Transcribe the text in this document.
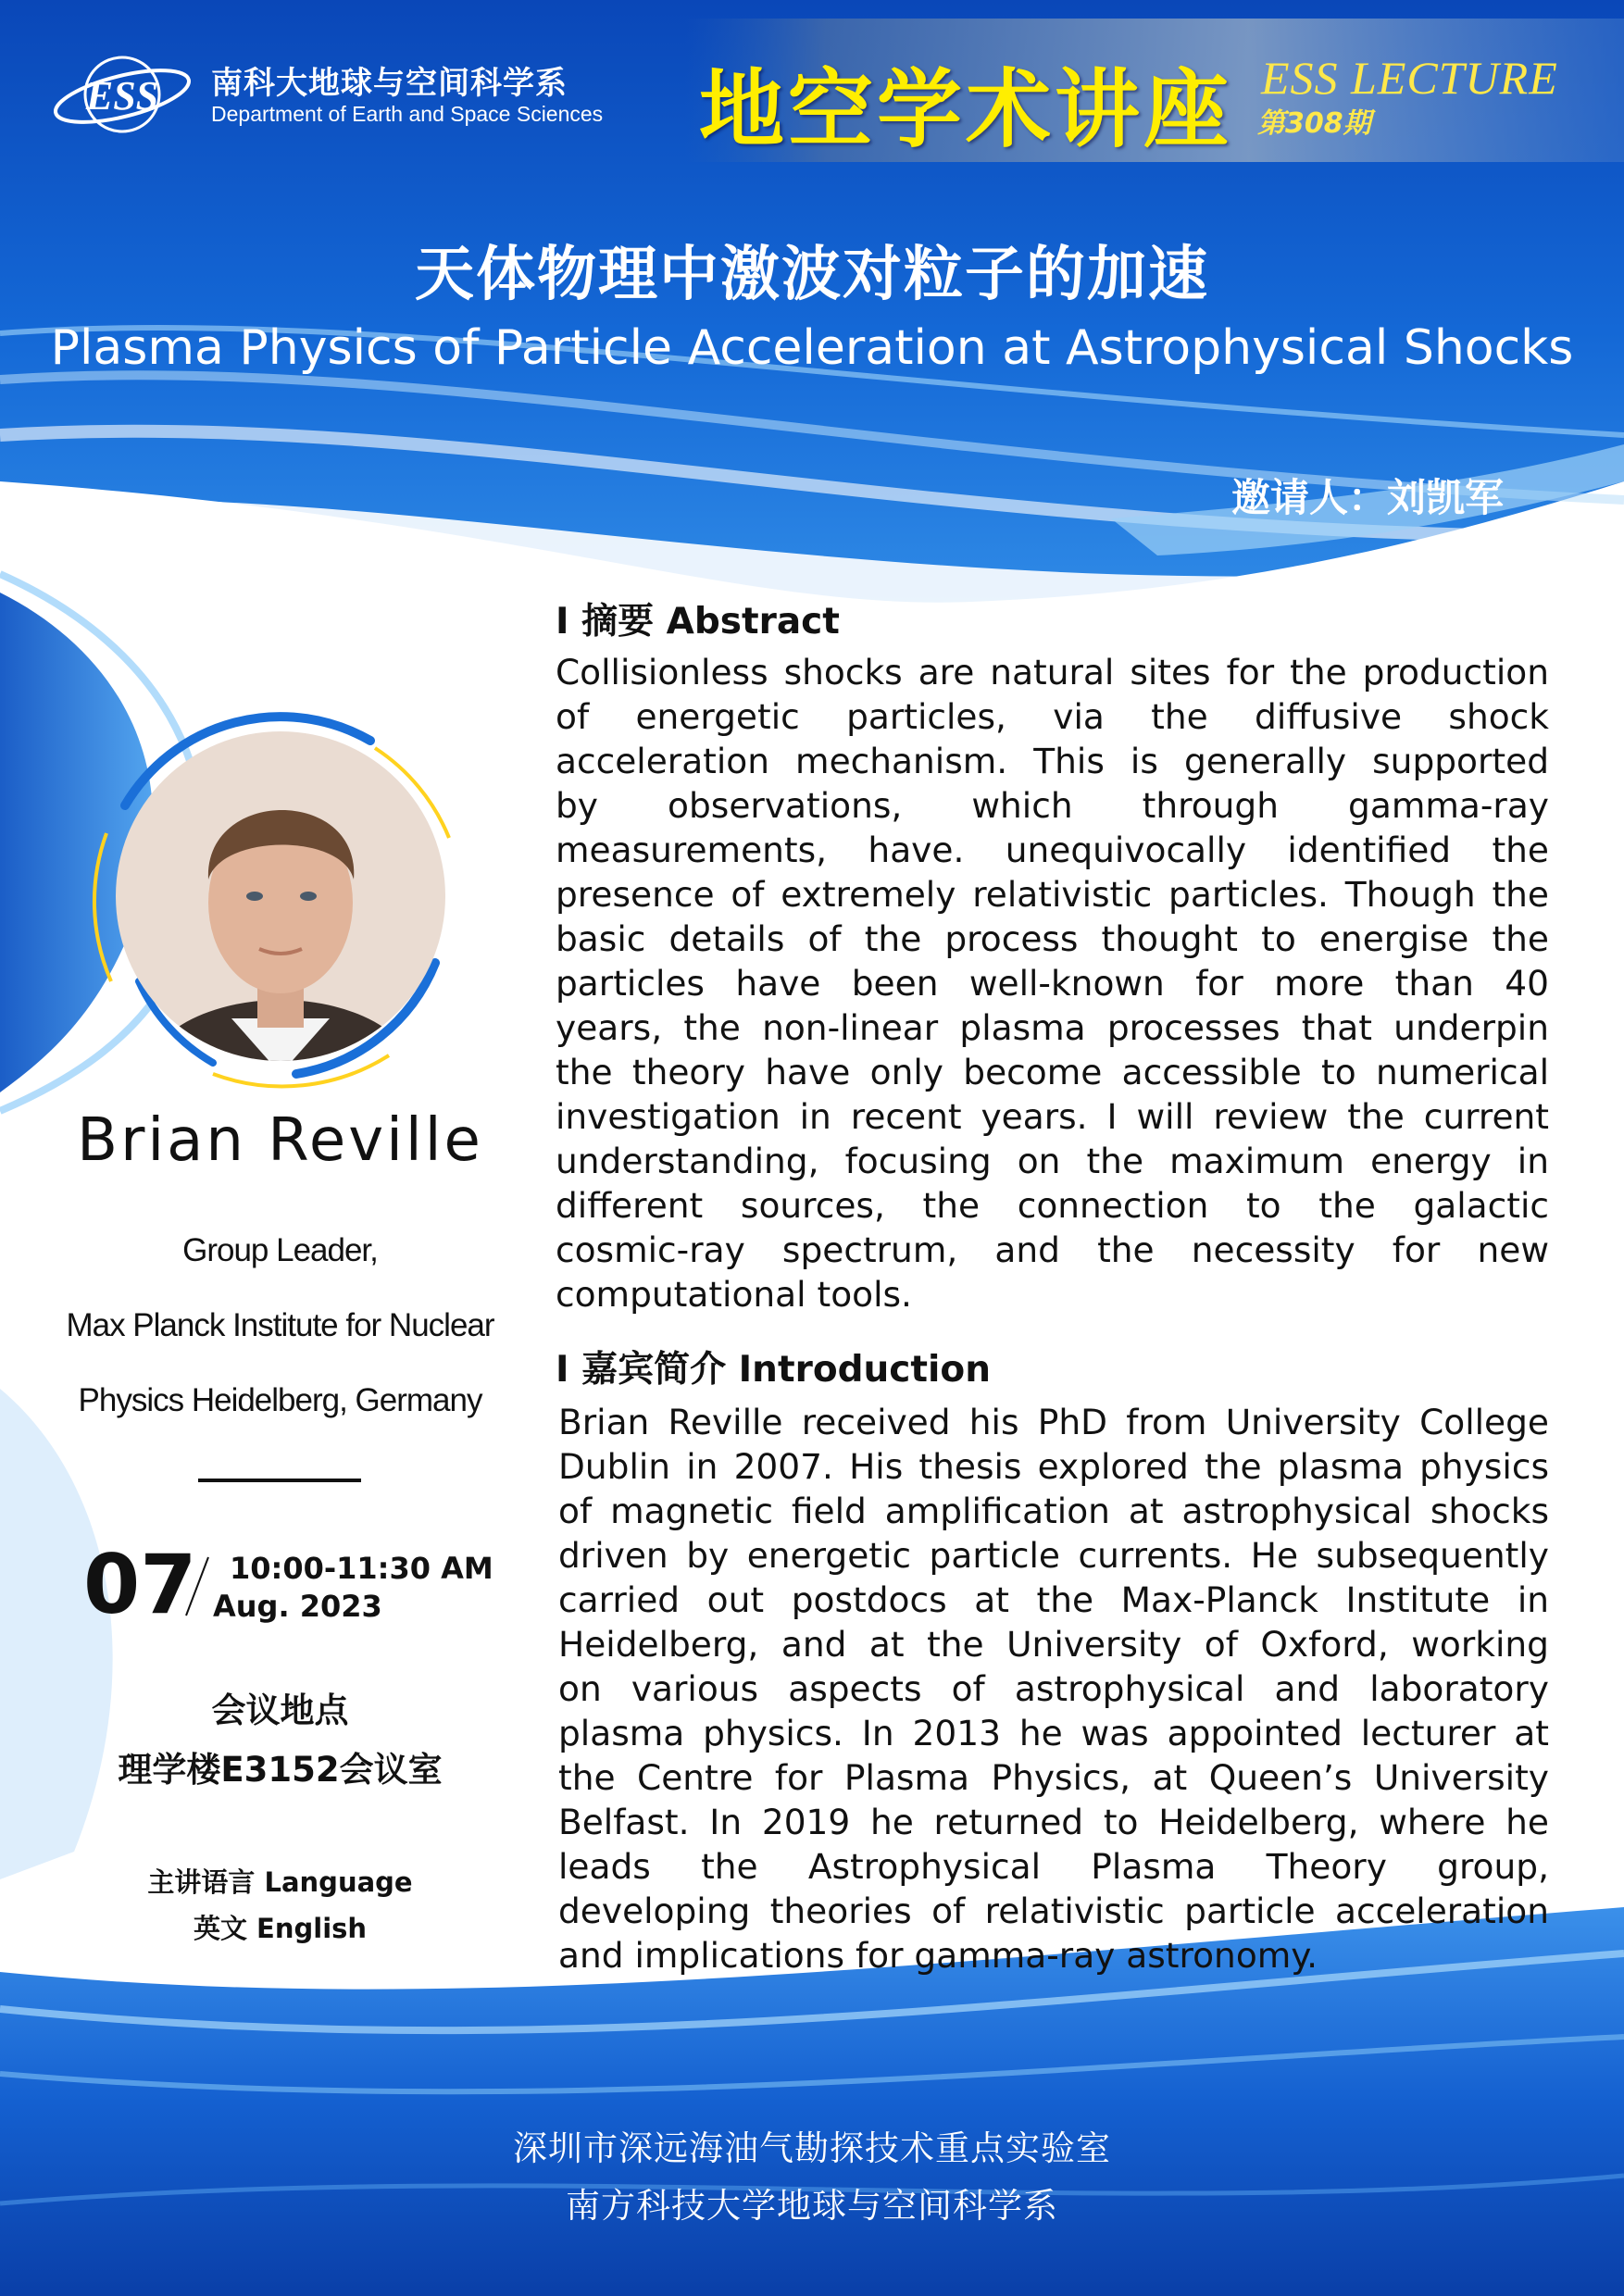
ESS 南科大地球与空间科学系
Department of Earth and Space Sciences 地空学术讲座 ESS LECTURE
第308期
天体物理中激波对粒子的加速
Plasma Physics of Particle Acceleration at Astrophysical Shocks
邀请人：刘凯军
I 摘要 Abstract
Collisionless shocks are natural sites for the production
of energetic particles, via the diffusive shock
acceleration mechanism. This is generally supported
by observations, which through gamma-ray
measurements, have. unequivocally identified the
presence of extremely relativistic particles. Though the
basic details of the process thought to energise the
particles have been well-known for more than 40
years, the non-linear plasma processes that underpin
the theory have only become accessible to numerical
investigation in recent years. I will review the current
understanding, focusing on the maximum energy in
different sources, the connection to the galactic
cosmic-ray spectrum, and the necessity for new
computational tools.
I 嘉宾简介 Introduction
Brian Reville received his PhD from University College
Dublin in 2007. His thesis explored the plasma physics
of magnetic field amplification at astrophysical shocks
driven by energetic particle currents. He subsequently
carried out postdocs at the Max-Planck Institute in
Heidelberg, and at the University of Oxford, working
on various aspects of astrophysical and laboratory
plasma physics. In 2013 he was appointed lecturer at
the Centre for Plasma Physics, at Queen’s University
Belfast. In 2019 he returned to Heidelberg, where he
leads the Astrophysical Plasma Theory group,
developing theories of relativistic particle acceleration
and implications for gamma-ray astronomy.
Brian Reville
Group Leader,
Max Planck Institute for Nuclear
Physics Heidelberg, Germany
07 10:00-11:30 AM
Aug. 2023
会议地点
理学楼E3152会议室
主讲语言 Language
英文 English
深圳市深远海油气勘探技术重点实验室
南方科技大学地球与空间科学系
